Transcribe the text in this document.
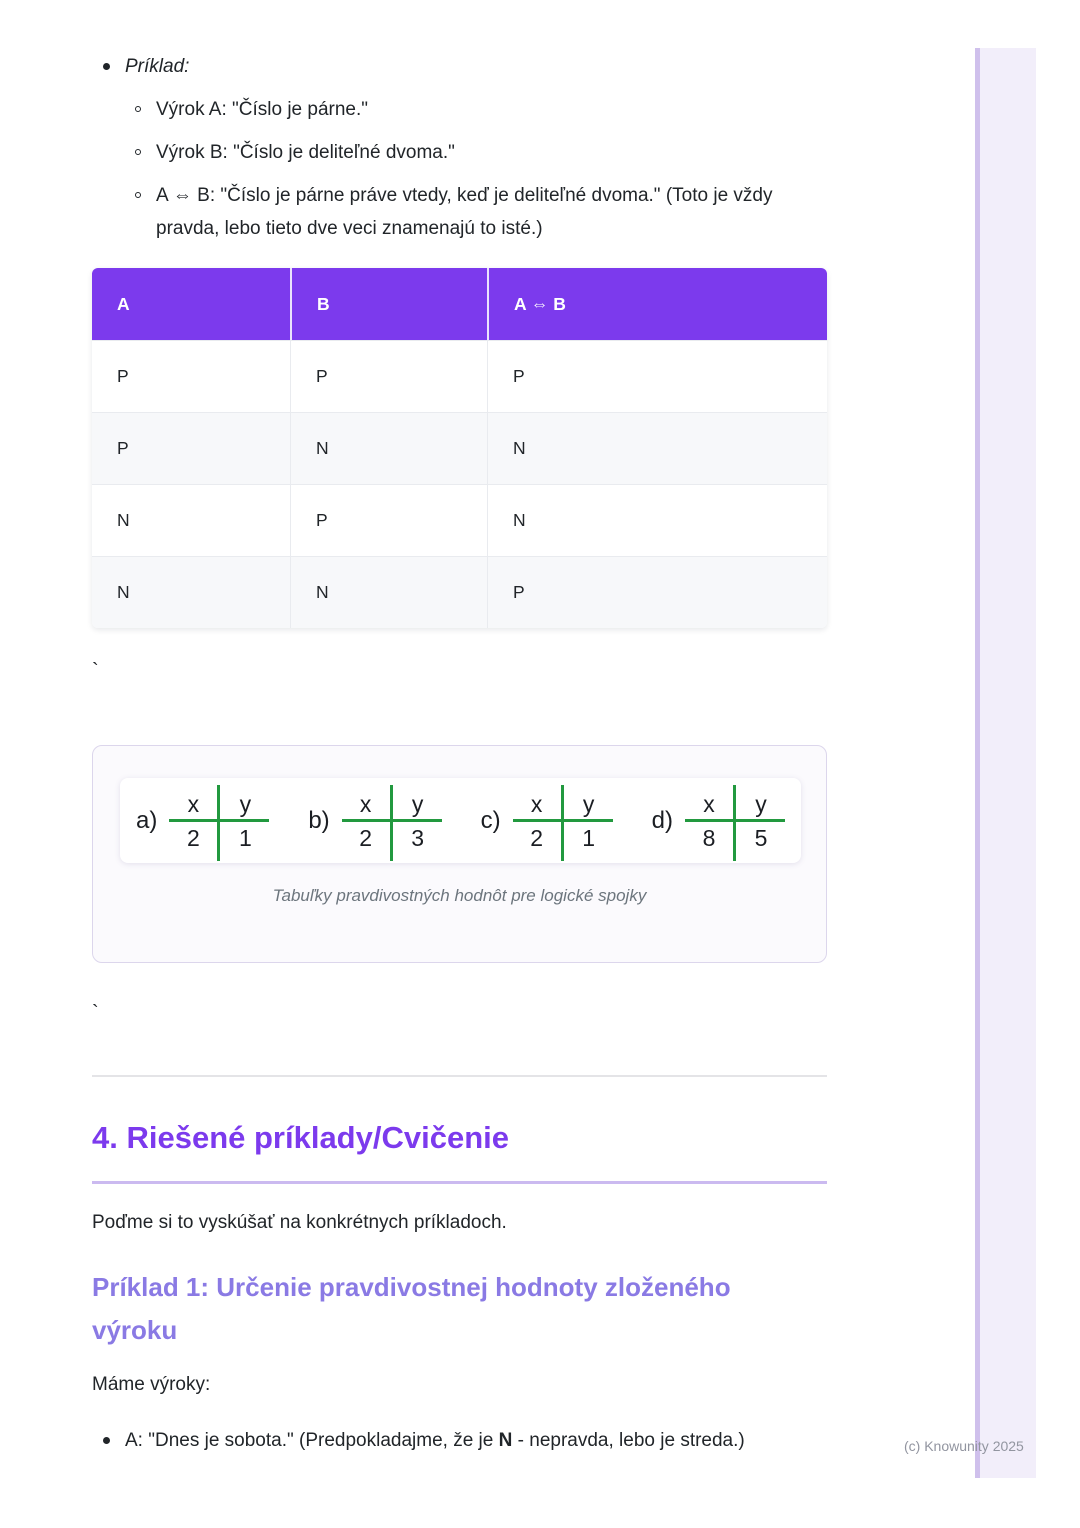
Príklad:
Výrok A: "Číslo je párne."
Výrok B: "Číslo je deliteľné dvoma."
A ⇔ B: "Číslo je párne práve vtedy, keď je deliteľné dvoma." (Toto je vždy pravda, lebo tieto dve veci znamenajú to isté.)
A	B	A ⇔ B
P	P	P
P	N	N
N	P	N
N	N	P
`
`
a)
x	y
2	1
b)
x	y
2	3
c)
x	y
2	1
d)
x	y
8	5
Tabuľky pravdivostných hodnôt pre logické spojky
4. Riešené príklady/Cvičenie
Poďme si to vyskúšať na konkrétnych príkladoch.
Príklad 1: Určenie pravdivostnej hodnoty zloženého výroku
Máme výroky:
A: "Dnes je sobota." (Predpokladajme, že je N - nepravda, lebo je streda.)	(c) Knowunity 2025
